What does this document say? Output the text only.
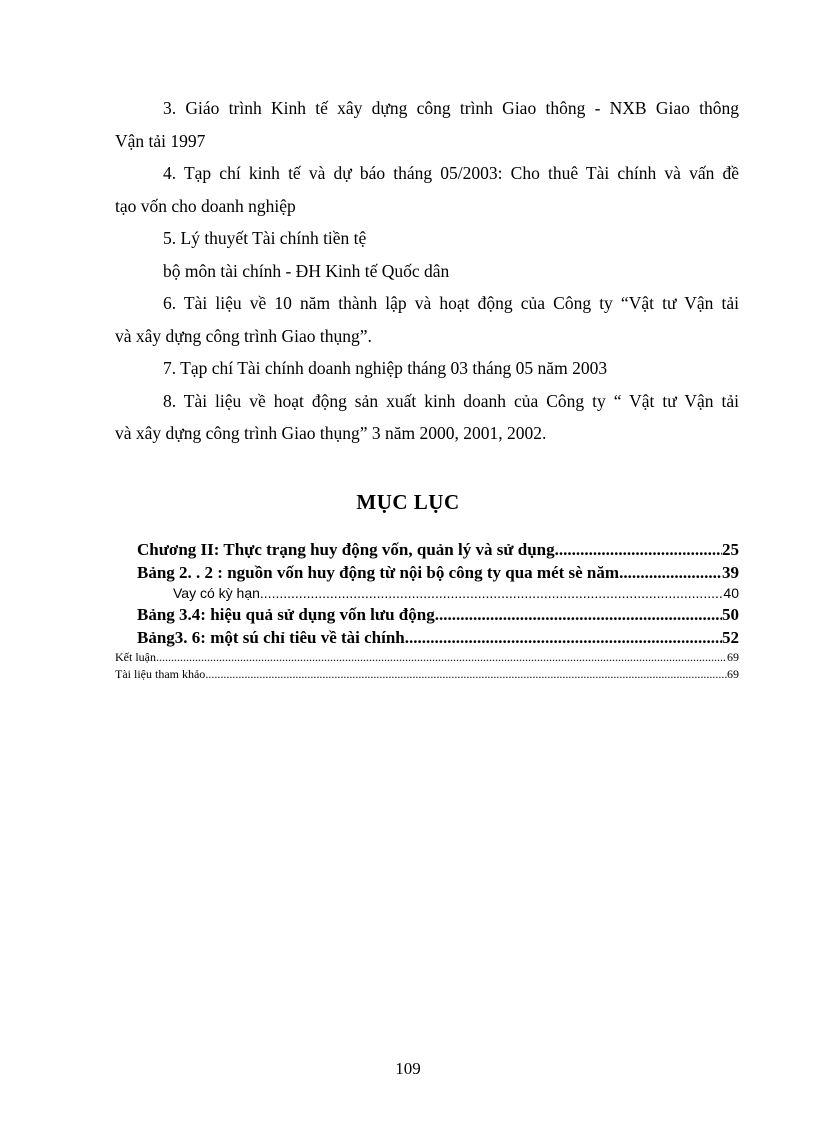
3. Giáo trình Kinh tế xây dựng công trình Giao thông - NXB Giao thông
Vận tải 1997
4. Tạp chí kinh tế và dự báo tháng 05/2003: Cho thuê Tài chính và vấn đề
tạo vốn cho doanh nghiệp
5. Lý thuyết Tài chính tiền tệ
bộ môn tài chính - ĐH Kinh tế Quốc dân
6. Tài liệu về 10 năm thành lập và hoạt động của Công ty “Vật tư Vận tải
và xây dựng công trình Giao thụng”.
7. Tạp chí Tài chính doanh nghiệp tháng 03 tháng 05 năm 2003
8. Tài liệu về hoạt động sản xuất kinh doanh của Công ty “ Vật tư Vận tải
và xây dựng công trình Giao thụng” 3 năm 2000, 2001, 2002.
MỤC LỤC
Chương II: Thực trạng huy động vốn, quản lý và sử dụng .....	25
Bảng 2. . 2 : nguồn vốn huy động từ nội bộ công ty qua mét sè năm .....	39
Vay có kỳ hạn .....	40
Bảng 3.4: hiệu quả sử dụng vốn lưu động .....	50
Bảng3. 6: một sú chỉ tiêu về tài chính .....	52
Kết luận .....	69
Tài liệu tham khảo .....	69
109
